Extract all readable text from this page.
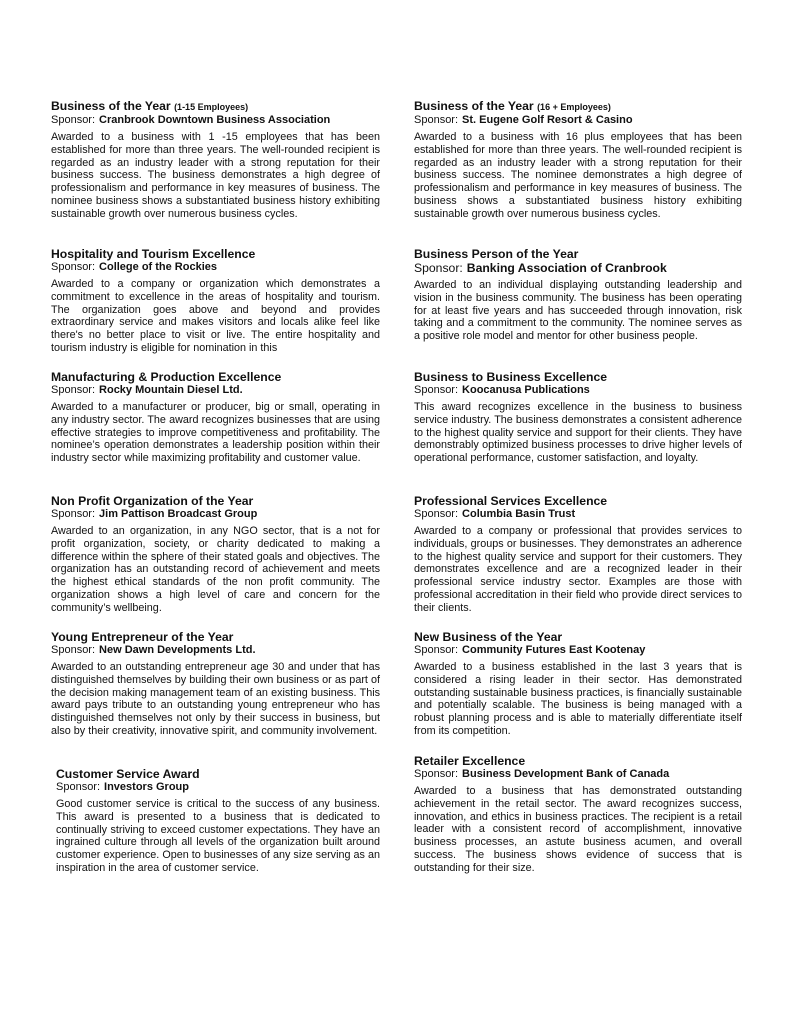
Business of the Year (1-15 Employees)
Sponsor: Cranbrook Downtown Business Association

Awarded to a business with 1 -15 employees that has been established for more than three years. The well-rounded recipient is regarded as an industry leader with a strong reputation for their business success. The business demonstrates a high degree of professionalism and performance in key measures of business. The nominee business shows a substantiated business history exhibiting sustainable growth over numerous business cycles.

Hospitality and Tourism Excellence
Sponsor: College of the Rockies

Awarded to a company or organization which demonstrates a commitment to excellence in the areas of hospitality and tourism. The organization goes above and beyond and provides extraordinary service and makes visitors and locals alike feel like there's no better place to visit or live. The entire hospitality and tourism industry is eligible for nomination in this

Manufacturing & Production Excellence
Sponsor: Rocky Mountain Diesel Ltd.

Awarded to a manufacturer or producer, big or small, operating in any industry sector. The award recognizes businesses that are using effective strategies to improve competitiveness and profitability. The nominee’s operation demonstrates a leadership position within their industry sector while maximizing profitability and customer value.

Non Profit Organization of the Year
Sponsor: Jim Pattison Broadcast Group

Awarded to an organization, in any NGO sector, that is a not for profit organization, society, or charity dedicated to making a difference within the sphere of their stated goals and objectives. The organization has an outstanding record of achievement and meets the highest ethical standards of the non profit community. The organization shows a high level of care and concern for the community’s wellbeing.

Young Entrepreneur of the Year
Sponsor: New Dawn Developments Ltd.

Awarded to an outstanding entrepreneur age 30 and under that has distinguished themselves by building their own business or as part of the decision making management team of an existing business. This award pays tribute to an outstanding young entrepreneur who has distinguished themselves not only by their success in business, but also by their creativity, innovative spirit, and community involvement.

Customer Service Award
Sponsor: Investors Group

Good customer service is critical to the success of any business. This award is presented to a business that is dedicated to continually striving to exceed customer expectations. They have an ingrained culture through all levels of the organization built around customer experience. Open to businesses of any size serving as an inspiration in the area of customer service.

Business of the Year (16 + Employees)
Sponsor: St. Eugene Golf Resort & Casino

Awarded to a business with 16 plus employees that has been established for more than three years. The well-rounded recipient is regarded as an industry leader with a strong reputation for their business success. The nominee demonstrates a high degree of professionalism and performance in key measures of business. The business shows a substantiated business history exhibiting sustainable growth over numerous business cycles.

Business Person of the Year
Sponsor: Banking Association of Cranbrook

Awarded to an individual displaying outstanding leadership and vision in the business community. The business has been operating for at least five years and has succeeded through innovation, risk taking and a commitment to the community. The nominee serves as a positive role model and mentor for other business people.

Business to Business Excellence
Sponsor: Koocanusa Publications

This award recognizes excellence in the business to business service industry. The business demonstrates a consistent adherence to the highest quality service and support for their clients. They have demonstrably optimized business processes to drive higher levels of operational performance, customer satisfaction, and loyalty.

Professional Services Excellence
Sponsor: Columbia Basin Trust

Awarded to a company or professional that provides services to individuals, groups or businesses. They demonstrates an adherence to the highest quality service and support for their customers. They demonstrates excellence and are a recognized leader in their professional service industry sector. Examples are those with professional accreditation in their field who provide direct services to their clients.

New Business of the Year
Sponsor: Community Futures East Kootenay

Awarded to a business established in the last 3 years that is considered a rising leader in their sector. Has demonstrated outstanding sustainable business practices, is financially sustainable and potentially scalable. The business is being managed with a robust planning process and is able to materially differentiate itself from its competition.

Retailer Excellence
Sponsor: Business Development Bank of Canada

Awarded to a business that has demonstrated outstanding achievement in the retail sector. The award recognizes success, innovation, and ethics in business practices. The recipient is a retail leader with a consistent record of accomplishment, innovative business processes, an astute business acumen, and overall success. The business shows evidence of success that is outstanding for their size.
